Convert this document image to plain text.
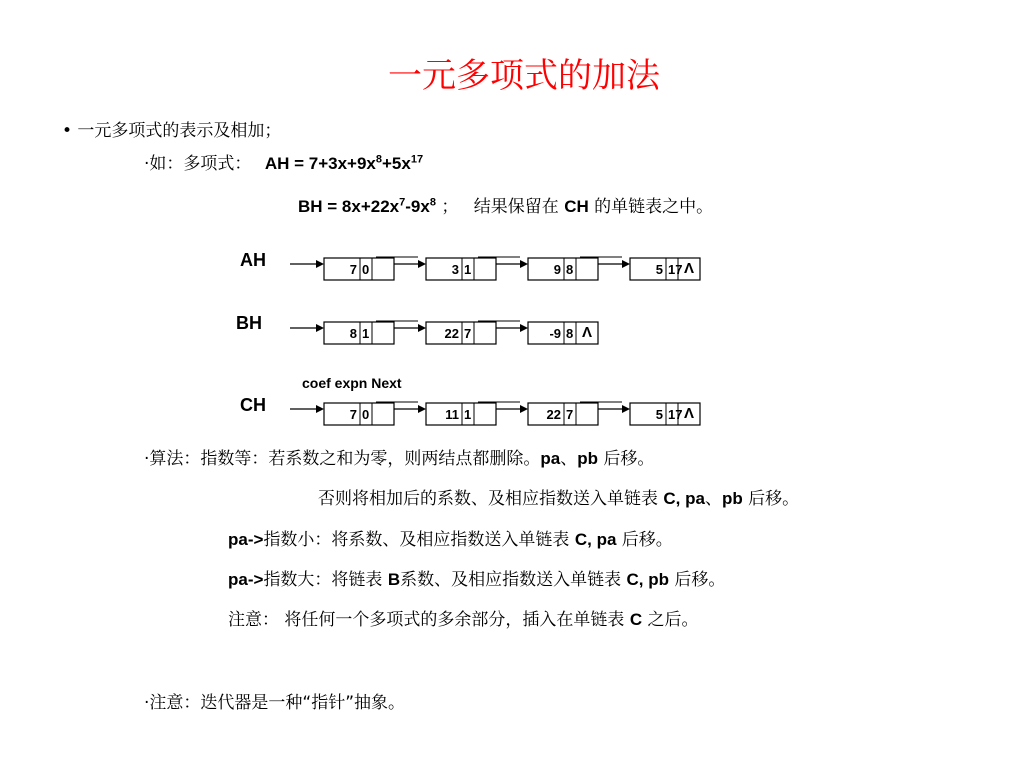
一元多项式的加法
• 一元多项式的表示及相加；
·如：多项式： AH = $7+3x+9x^8+5x^{17}$
BH = $8x+22x^7-9x^8$ ； 结果保留在 CH 的单链表之中。
AH
BH
CH
coef expn Next
7 0	3 1	9 8	5 17 Λ
8 1	22 7	-9 8 Λ
7 0	11 1	22 7	5 17 Λ
·算法：指数等：若系数之和为零，则两结点都删除。pa、pb 后移。
否则将相加后的系数、及相应指数送入单链表 C, pa、pb 后移。
pa->指数小：将系数、及相应指数送入单链表 C, pa 后移。
pa->指数大：将链表 B系数、及相应指数送入单链表 C, pb 后移。
注意： 将任何一个多项式的多余部分，插入在单链表 C 之后。
·注意：迭代器是一种“指针”抽象。
